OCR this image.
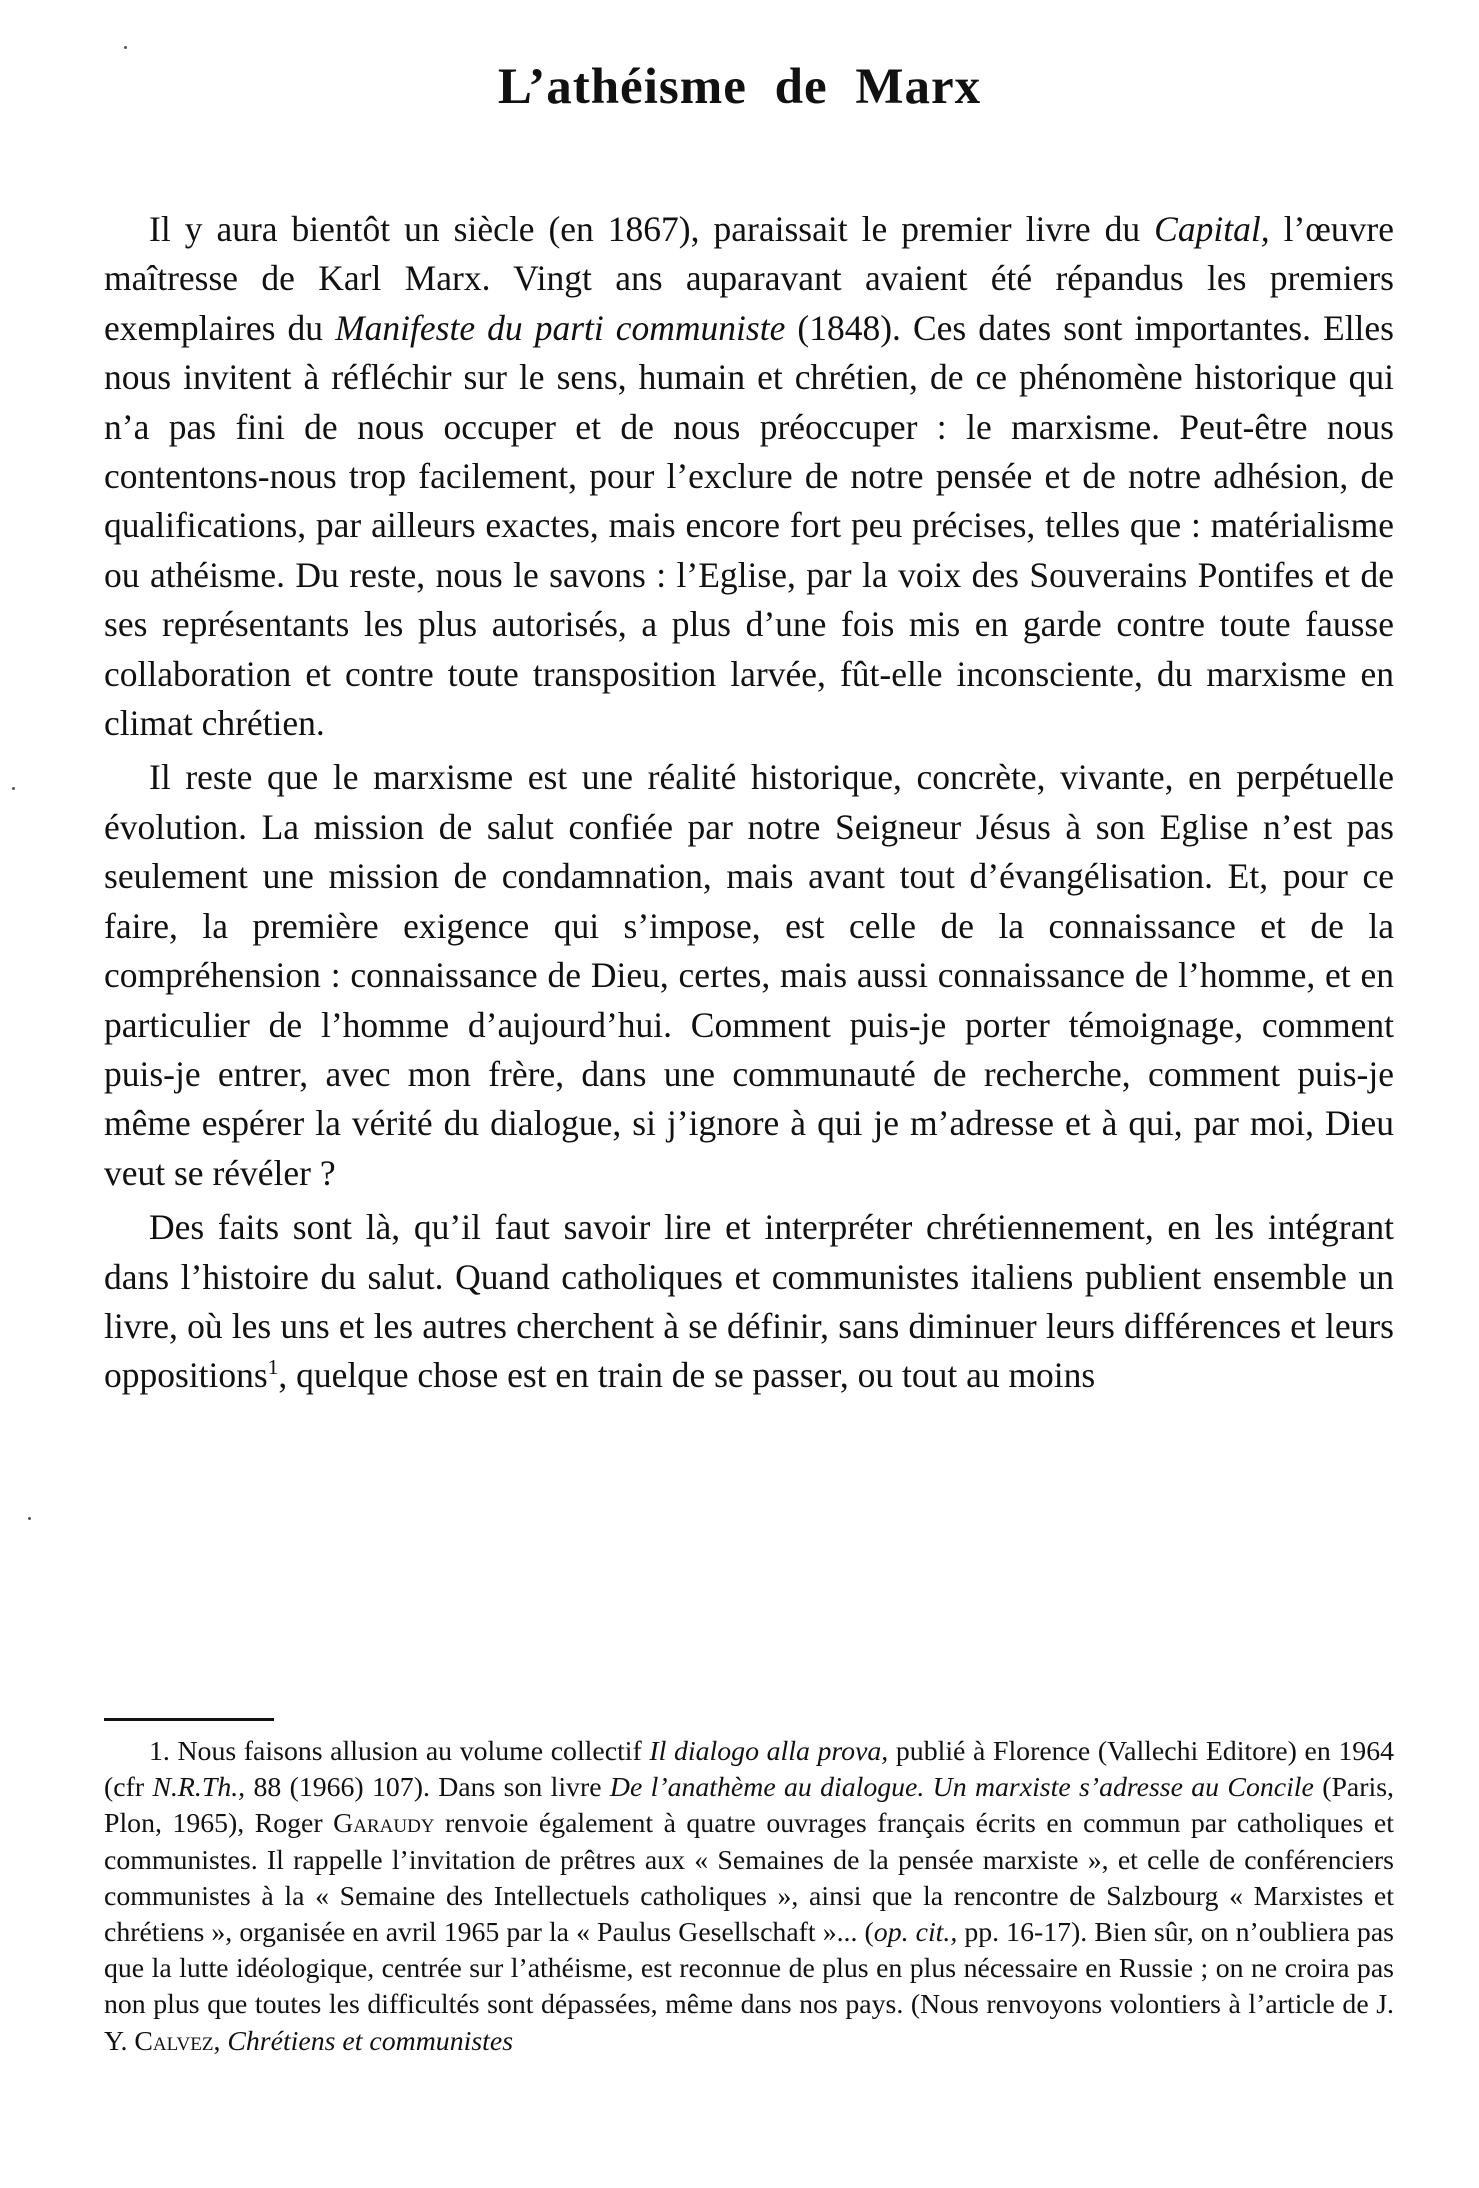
L’athéisme de Marx

Il y aura bientôt un siècle (en 1867), paraissait le premier livre du Capital, l’œuvre maîtresse de Karl Marx. Vingt ans auparavant avaient été répandus les premiers exemplaires du Manifeste du parti communiste (1848). Ces dates sont importantes. Elles nous invitent à réfléchir sur le sens, humain et chrétien, de ce phénomène historique qui n’a pas fini de nous occuper et de nous préoccuper : le marxisme. Peut-être nous contentons-nous trop facilement, pour l’exclure de notre pensée et de notre adhésion, de qualifications, par ailleurs exactes, mais encore fort peu précises, telles que : matérialisme ou athéisme. Du reste, nous le savons : l’Eglise, par la voix des Souverains Pontifes et de ses représentants les plus autorisés, a plus d’une fois mis en garde contre toute fausse collaboration et contre toute transposition larvée, fût-elle inconsciente, du marxisme en climat chrétien.

Il reste que le marxisme est une réalité historique, concrète, vivante, en perpétuelle évolution. La mission de salut confiée par notre Seigneur Jésus à son Eglise n’est pas seulement une mission de condamnation, mais avant tout d’évangélisation. Et, pour ce faire, la première exigence qui s’impose, est celle de la connaissance et de la compréhension : connaissance de Dieu, certes, mais aussi connaissance de l’homme, et en particulier de l’homme d’aujourd’hui. Comment puis-je porter témoignage, comment puis-je entrer, avec mon frère, dans une communauté de recherche, comment puis-je même espérer la vérité du dialogue, si j’ignore à qui je m’adresse et à qui, par moi, Dieu veut se révéler ?

Des faits sont là, qu’il faut savoir lire et interpréter chrétiennement, en les intégrant dans l’histoire du salut. Quand catholiques et communistes italiens publient ensemble un livre, où les uns et les autres cherchent à se définir, sans diminuer leurs différences et leurs oppositions$^1$, quelque chose est en train de se passer, ou tout au moins

1. Nous faisons allusion au volume collectif Il dialogo alla prova, publié à Florence (Vallechi Editore) en 1964 (cfr N.R.Th., 88 (1966) 107). Dans son livre De l’anathème au dialogue. Un marxiste s’adresse au Concile (Paris, Plon, 1965), Roger Garaudy renvoie également à quatre ouvrages français écrits en commun par catholiques et communistes. Il rappelle l’invitation de prêtres aux « Semaines de la pensée marxiste », et celle de conférenciers communistes à la « Semaine des Intellectuels catholiques », ainsi que la rencontre de Salzbourg « Marxistes et chrétiens », organisée en avril 1965 par la « Paulus Gesellschaft »... (op. cit., pp. 16-17). Bien sûr, on n’oubliera pas que la lutte idéologique, centrée sur l’athéisme, est reconnue de plus en plus nécessaire en Russie ; on ne croira pas non plus que toutes les difficultés sont dépassées, même dans nos pays. (Nous renvoyons volontiers à l’article de J. Y. Calvez, Chrétiens et communistes
